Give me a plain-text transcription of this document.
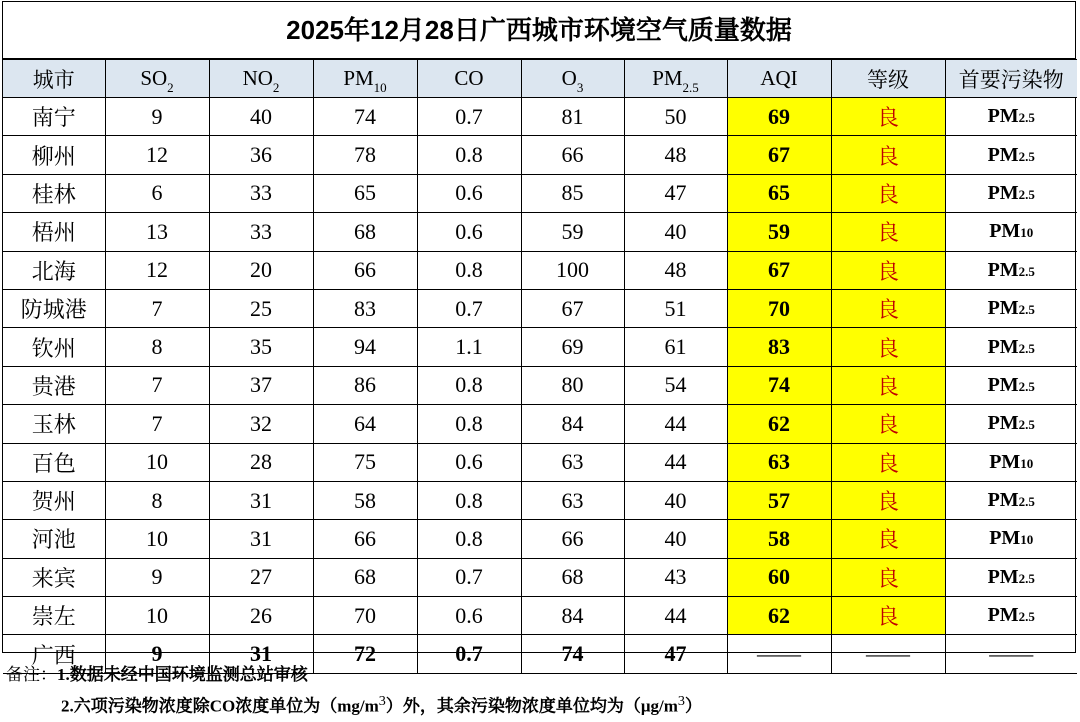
2025年12月28日广西城市环境空气质量数据
城市	$SO_2$	$NO_2$	$PM_{10}$	CO	$O_3$	$PM_{2.5}$	AQI	等级	首要污染物
南宁	9	40	74	0.7	81	50	69	良	PM2.5
柳州	12	36	78	0.8	66	48	67	良	PM2.5
桂林	6	33	65	0.6	85	47	65	良	PM2.5
梧州	13	33	68	0.6	59	40	59	良	PM10
北海	12	20	66	0.8	100	48	67	良	PM2.5
防城港	7	25	83	0.7	67	51	70	良	PM2.5
钦州	8	35	94	1.1	69	61	83	良	PM2.5
贵港	7	37	86	0.8	80	54	74	良	PM2.5
玉林	7	32	64	0.8	84	44	62	良	PM2.5
百色	10	28	75	0.6	63	44	63	良	PM10
贺州	8	31	58	0.8	63	40	57	良	PM2.5
河池	10	31	66	0.8	66	40	58	良	PM10
来宾	9	27	68	0.7	68	43	60	良	PM2.5
崇左	10	26	70	0.6	84	44	62	良	PM2.5
广西	9	31	72	0.7	74	47	——	——	——
备注：1.数据未经中国环境监测总站审核
2.六项污染物浓度除CO浓度单位为$(mg/m^3)$外，其余污染物浓度单位均为$(\mu g/m^3)$
